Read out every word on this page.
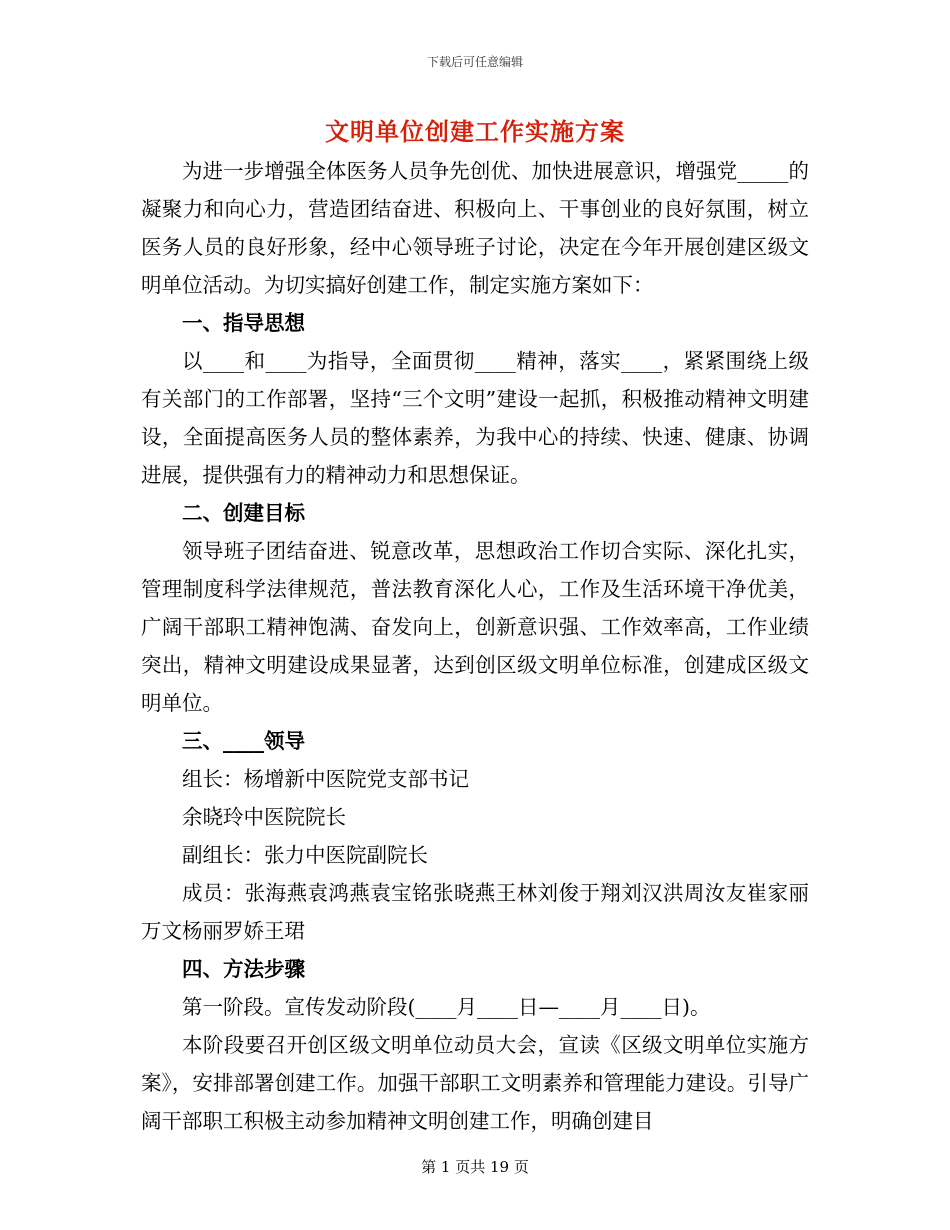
下载后可任意编辑
文明单位创建工作实施方案

为进一步增强全体医务人员争先创优、加快进展意识，增强党_____的凝聚力和向心力，营造团结奋进、积极向上、干事创业的良好氛围，树立医务人员的良好形象，经中心领导班子讨论，决定在今年开展创建区级文明单位活动。为切实搞好创建工作，制定实施方案如下：

一、指导思想

以____和____为指导，全面贯彻____精神，落实____，紧紧围绕上级有关部门的工作部署，坚持“三个文明”建设一起抓，积极推动精神文明建设，全面提高医务人员的整体素养，为我中心的持续、快速、健康、协调进展，提供强有力的精神动力和思想保证。

二、创建目标

领导班子团结奋进、锐意改革，思想政治工作切合实际、深化扎实，管理制度科学法律规范，普法教育深化人心，工作及生活环境干净优美，广阔干部职工精神饱满、奋发向上，创新意识强、工作效率高，工作业绩突出，精神文明建设成果显著，达到创区级文明单位标准，创建成区级文明单位。

三、____领导

组长：杨增新中医院党支部书记

余晓玲中医院院长

副组长：张力中医院副院长

成员：张海燕袁鸿燕袁宝铭张晓燕王林刘俊于翔刘汉洪周汝友崔家丽万文杨丽罗娇王珺

四、方法步骤

第一阶段。宣传发动阶段(____月____日—____月____日)。

本阶段要召开创区级文明单位动员大会，宣读《区级文明单位实施方案》，安排部署创建工作。加强干部职工文明素养和管理能力建设。引导广阔干部职工积极主动参加精神文明创建工作，明确创建目

第 1 页共 19 页
